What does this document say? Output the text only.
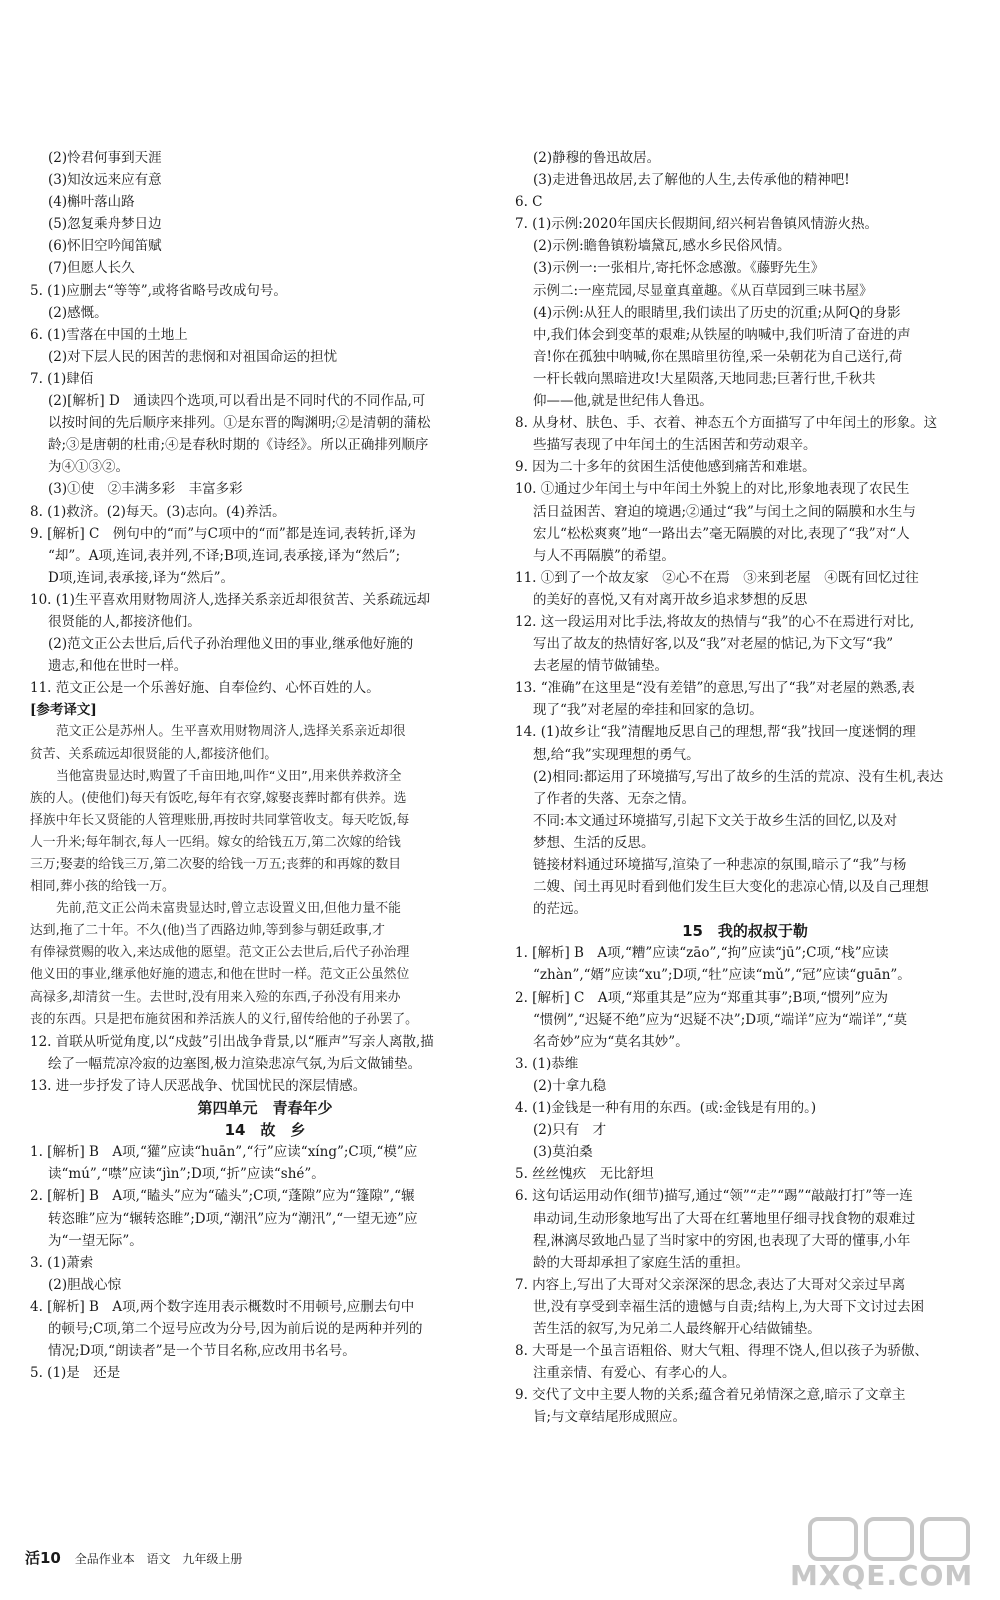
(2)怜君何事到天涯
(3)知汝远来应有意
(4)槲叶落山路
(5)忽复乘舟梦日边
(6)怀旧空吟闻笛赋
(7)但愿人长久
5. (1)应删去“等等”,或将省略号改成句号。
(2)感慨。
6. (1)雪落在中国的土地上
(2)对下层人民的困苦的悲悯和对祖国命运的担忧
7. (1)肆佰
(2)[解析] D　通读四个选项,可以看出是不同时代的不同作品,可
以按时间的先后顺序来排列。①是东晋的陶渊明;②是清朝的蒲松
龄;③是唐朝的杜甫;④是春秋时期的《诗经》。所以正确排列顺序
为④①③②。
(3)①使　②丰满多彩　丰富多彩
8. (1)救济。(2)每天。(3)志向。(4)养活。
9. [解析] C　例句中的“而”与C项中的“而”都是连词,表转折,译为
“却”。A项,连词,表并列,不译;B项,连词,表承接,译为“然后”;
D项,连词,表承接,译为“然后”。
10. (1)生平喜欢用财物周济人,选择关系亲近却很贫苦、关系疏远却
很贤能的人,都接济他们。
(2)范文正公去世后,后代子孙治理他义田的事业,继承他好施的
遗志,和他在世时一样。
11. 范文正公是一个乐善好施、自奉俭约、心怀百姓的人。
[参考译文]
范文正公是苏州人。生平喜欢用财物周济人,选择关系亲近却很
贫苦、关系疏远却很贤能的人,都接济他们。
当他富贵显达时,购置了千亩田地,叫作“义田”,用来供养救济全
族的人。(使他们)每天有饭吃,每年有衣穿,嫁娶丧葬时都有供养。选
择族中年长又贤能的人管理账册,再按时共同掌管收支。每天吃饭,每
人一升米;每年制衣,每人一匹绢。嫁女的给钱五万,第二次嫁的给钱
三万;娶妻的给钱三万,第二次娶的给钱一万五;丧葬的和再嫁的数目
相同,葬小孩的给钱一万。
先前,范文正公尚未富贵显达时,曾立志设置义田,但他力量不能
达到,拖了二十年。不久(他)当了西路边帅,等到参与朝廷政事,才
有俸禄赏赐的收入,来达成他的愿望。范文正公去世后,后代子孙治理
他义田的事业,继承他好施的遗志,和他在世时一样。范文正公虽然位
高禄多,却清贫一生。去世时,没有用来入殓的东西,子孙没有用来办
丧的东西。只是把布施贫困和养活族人的义行,留传给他的子孙罢了。
12. 首联从听觉角度,以“戍鼓”引出战争背景,以“雁声”写亲人离散,描
绘了一幅荒凉冷寂的边塞图,极力渲染悲凉气氛,为后文做铺垫。
13. 进一步抒发了诗人厌恶战争、忧国忧民的深层情感。
第四单元　青春年少
14　故　乡
1. [解析] B　A项,“獾”应读“huān”,“行”应读“xíng”;C项,“模”应
读“mú”,“噤”应读“jìn”;D项,“折”应读“shé”。
2. [解析] B　A项,“瞌头”应为“磕头”;C项,“蓬隙”应为“篷隙”,“辗
转恣睢”应为“辗转恣睢”;D项,“潮汛”应为“潮汛”,“一望无迹”应
为“一望无际”。
3. (1)萧索
(2)胆战心惊
4. [解析] B　A项,两个数字连用表示概数时不用顿号,应删去句中
的顿号;C项,第二个逗号应改为分号,因为前后说的是两种并列的
情况;D项,“朗读者”是一个节目名称,应改用书名号。
5. (1)是　还是
(2)静穆的鲁迅故居。
(3)走进鲁迅故居,去了解他的人生,去传承他的精神吧!
6. C
7. (1)示例:2020年国庆长假期间,绍兴柯岩鲁镇风情游火热。
(2)示例:瞻鲁镇粉墙黛瓦,感水乡民俗风情。
(3)示例一:一张相片,寄托怀念感激。《藤野先生》
示例二:一座荒园,尽显童真童趣。《从百草园到三味书屋》
(4)示例:从狂人的眼睛里,我们读出了历史的沉重;从阿Q的身影
中,我们体会到变革的艰难;从铁屋的呐喊中,我们听清了奋进的声
音!你在孤独中呐喊,你在黑暗里彷徨,采一朵朝花为自己送行,荷
一杆长戟向黑暗进攻!大星陨落,天地同悲;巨著行世,千秋共
仰——他,就是世纪伟人鲁迅。
8. 从身材、肤色、手、衣着、神态五个方面描写了中年闰土的形象。这
些描写表现了中年闰土的生活困苦和劳动艰辛。
9. 因为二十多年的贫困生活使他感到痛苦和难堪。
10. ①通过少年闰土与中年闰土外貌上的对比,形象地表现了农民生
活日益困苦、窘迫的境遇;②通过“我”与闰土之间的隔膜和水生与
宏儿“松松爽爽”地“一路出去”毫无隔膜的对比,表现了“我”对“人
与人不再隔膜”的希望。
11. ①到了一个故友家　②心不在焉　③来到老屋　④既有回忆过往
的美好的喜悦,又有对离开故乡追求梦想的反思
12. 这一段运用对比手法,将故友的热情与“我”的心不在焉进行对比,
写出了故友的热情好客,以及“我”对老屋的惦记,为下文写“我”
去老屋的情节做铺垫。
13. “准确”在这里是“没有差错”的意思,写出了“我”对老屋的熟悉,表
现了“我”对老屋的牵挂和回家的急切。
14. (1)故乡让“我”清醒地反思自己的理想,帮“我”找回一度迷惘的理
想,给“我”实现理想的勇气。
(2)相同:都运用了环境描写,写出了故乡的生活的荒凉、没有生机,表达
了作者的失落、无奈之情。
不同:本文通过环境描写,引起下文关于故乡生活的回忆,以及对
梦想、生活的反思。
链接材料通过环境描写,渲染了一种悲凉的氛围,暗示了“我”与杨
二嫂、闰土再见时看到他们发生巨大变化的悲凉心情,以及自己理想
的茫远。
15　我的叔叔于勒
1. [解析] B　A项,“糟”应读“zāo”,“拘”应读“jū”;C项,“栈”应读
“zhàn”,“婿”应读“xu”;D项,“牡”应读“mǔ”,“冠”应读“guān”。
2. [解析] C　A项,“郑重其是”应为“郑重其事”;B项,“惯列”应为
“惯例”,“迟疑不绝”应为“迟疑不决”;D项,“端详”应为“端详”,“莫
名奇妙”应为“莫名其妙”。
3. (1)恭维
(2)十拿九稳
4. (1)金钱是一种有用的东西。(或:金钱是有用的。)
(2)只有　才
(3)莫泊桑
5. 丝丝愧疚　无比舒坦
6. 这句话运用动作(细节)描写,通过“领”“走”“踢”“敲敲打打”等一连
串动词,生动形象地写出了大哥在红薯地里仔细寻找食物的艰难过
程,淋漓尽致地凸显了当时家中的穷困,也表现了大哥的懂事,小年
龄的大哥却承担了家庭生活的重担。
7. 内容上,写出了大哥对父亲深深的思念,表达了大哥对父亲过早离
世,没有享受到幸福生活的遗憾与自责;结构上,为大哥下文讨过去困
苦生活的叙写,为兄弟二人最终解开心结做铺垫。
8. 大哥是一个虽言语粗俗、财大气粗、得理不饶人,但以孩子为骄傲、
注重亲情、有爱心、有孝心的人。
9. 交代了文中主要人物的关系;蕴含着兄弟情深之意,暗示了文章主
旨;与文章结尾形成照应。
活10 全品作业本 语文 九年级上册	MXQE.COM
